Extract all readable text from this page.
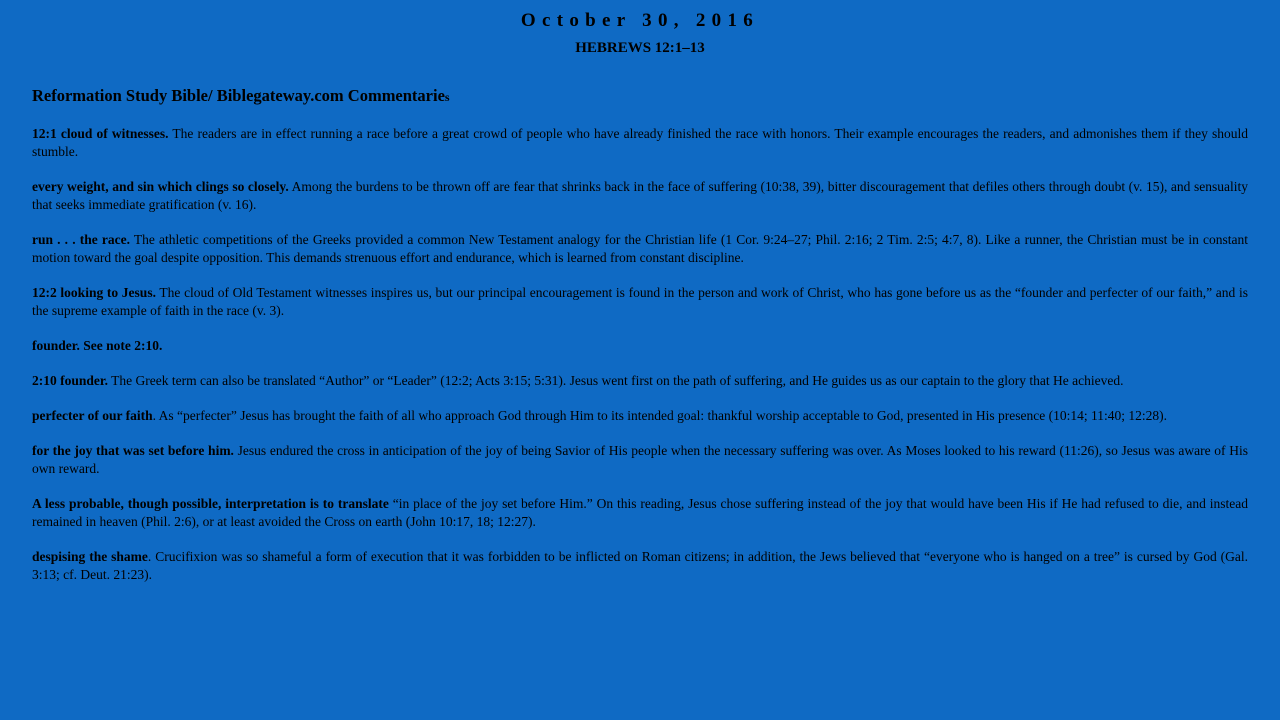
October 30, 2016
HEBREWS 12:1–13
Reformation Study Bible/ Biblegateway.com Commentaries

12:1 cloud of witnesses. The readers are in effect running a race before a great crowd of people who have already finished the race with honors. Their example encourages the readers, and admonishes them if they should stumble.

every weight, and sin which clings so closely. Among the burdens to be thrown off are fear that shrinks back in the face of suffering (10:38, 39), bitter discouragement that defiles others through doubt (v. 15), and sensuality that seeks immediate gratification (v. 16).

run . . . the race. The athletic competitions of the Greeks provided a common New Testament analogy for the Christian life (1 Cor. 9:24–27; Phil. 2:16; 2 Tim. 2:5; 4:7, 8). Like a runner, the Christian must be in constant motion toward the goal despite opposition. This demands strenuous effort and endurance, which is learned from constant discipline.

12:2 looking to Jesus. The cloud of Old Testament witnesses inspires us, but our principal encouragement is found in the person and work of Christ, who has gone before us as the “founder and perfecter of our faith,” and is the supreme example of faith in the race (v. 3).

founder. See note 2:10.

2:10 founder. The Greek term can also be translated “Author” or “Leader” (12:2; Acts 3:15; 5:31). Jesus went first on the path of suffering, and He guides us as our captain to the glory that He achieved.

perfecter of our faith. As “perfecter” Jesus has brought the faith of all who approach God through Him to its intended goal: thankful worship acceptable to God, presented in His presence (10:14; 11:40; 12:28).

for the joy that was set before him. Jesus endured the cross in anticipation of the joy of being Savior of His people when the necessary suffering was over. As Moses looked to his reward (11:26), so Jesus was aware of His own reward.

A less probable, though possible, interpretation is to translate “in place of the joy set before Him.” On this reading, Jesus chose suffering instead of the joy that would have been His if He had refused to die, and instead remained in heaven (Phil. 2:6), or at least avoided the Cross on earth (John 10:17, 18; 12:27).

despising the shame. Crucifixion was so shameful a form of execution that it was forbidden to be inflicted on Roman citizens; in addition, the Jews believed that “everyone who is hanged on a tree” is cursed by God (Gal. 3:13; cf. Deut. 21:23).
